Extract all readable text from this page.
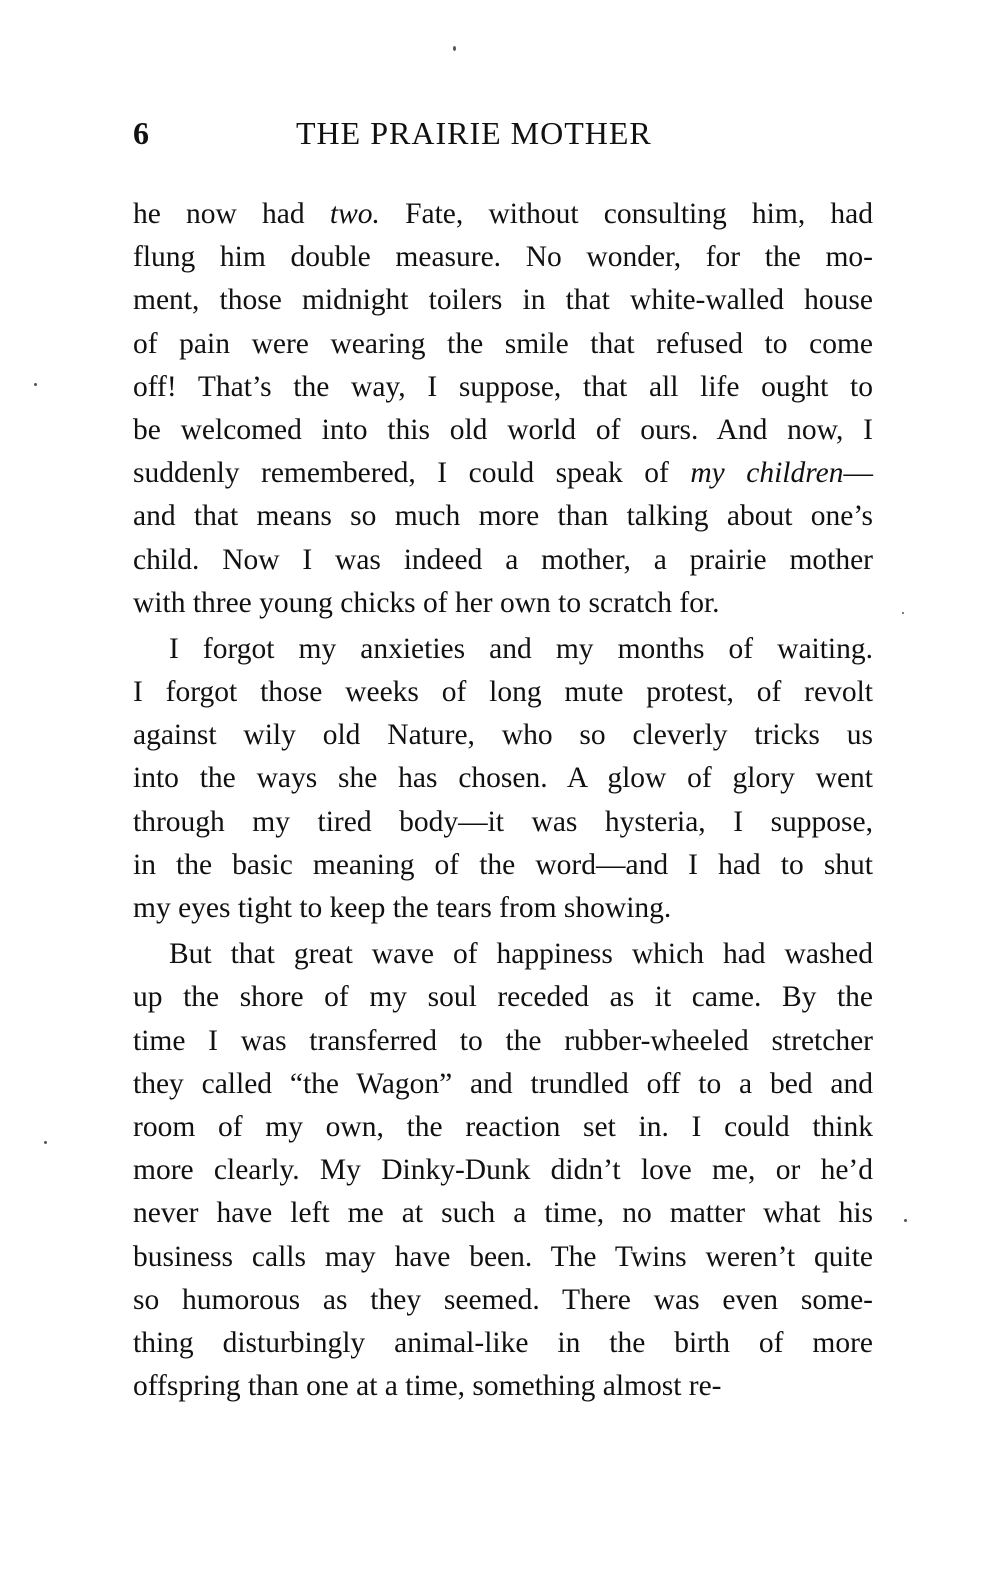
6	THE PRAIRIE MOTHER
he now had two. Fate, without consulting him, had
flung him double measure. No wonder, for the mo-
ment, those midnight toilers in that white-walled house
of pain were wearing the smile that refused to come
off! That’s the way, I suppose, that all life ought to
be welcomed into this old world of ours. And now, I
suddenly remembered, I could speak of my children—
and that means so much more than talking about one’s
child. Now I was indeed a mother, a prairie mother
with three young chicks of her own to scratch for.
I forgot my anxieties and my months of waiting.
I forgot those weeks of long mute protest, of revolt
against wily old Nature, who so cleverly tricks us
into the ways she has chosen. A glow of glory went
through my tired body—it was hysteria, I suppose,
in the basic meaning of the word—and I had to shut
my eyes tight to keep the tears from showing.
But that great wave of happiness which had washed
up the shore of my soul receded as it came. By the
time I was transferred to the rubber-wheeled stretcher
they called “the Wagon” and trundled off to a bed and
room of my own, the reaction set in. I could think
more clearly. My Dinky-Dunk didn’t love me, or he’d
never have left me at such a time, no matter what his
business calls may have been. The Twins weren’t quite
so humorous as they seemed. There was even some-
thing disturbingly animal-like in the birth of more
offspring than one at a time, something almost re-
